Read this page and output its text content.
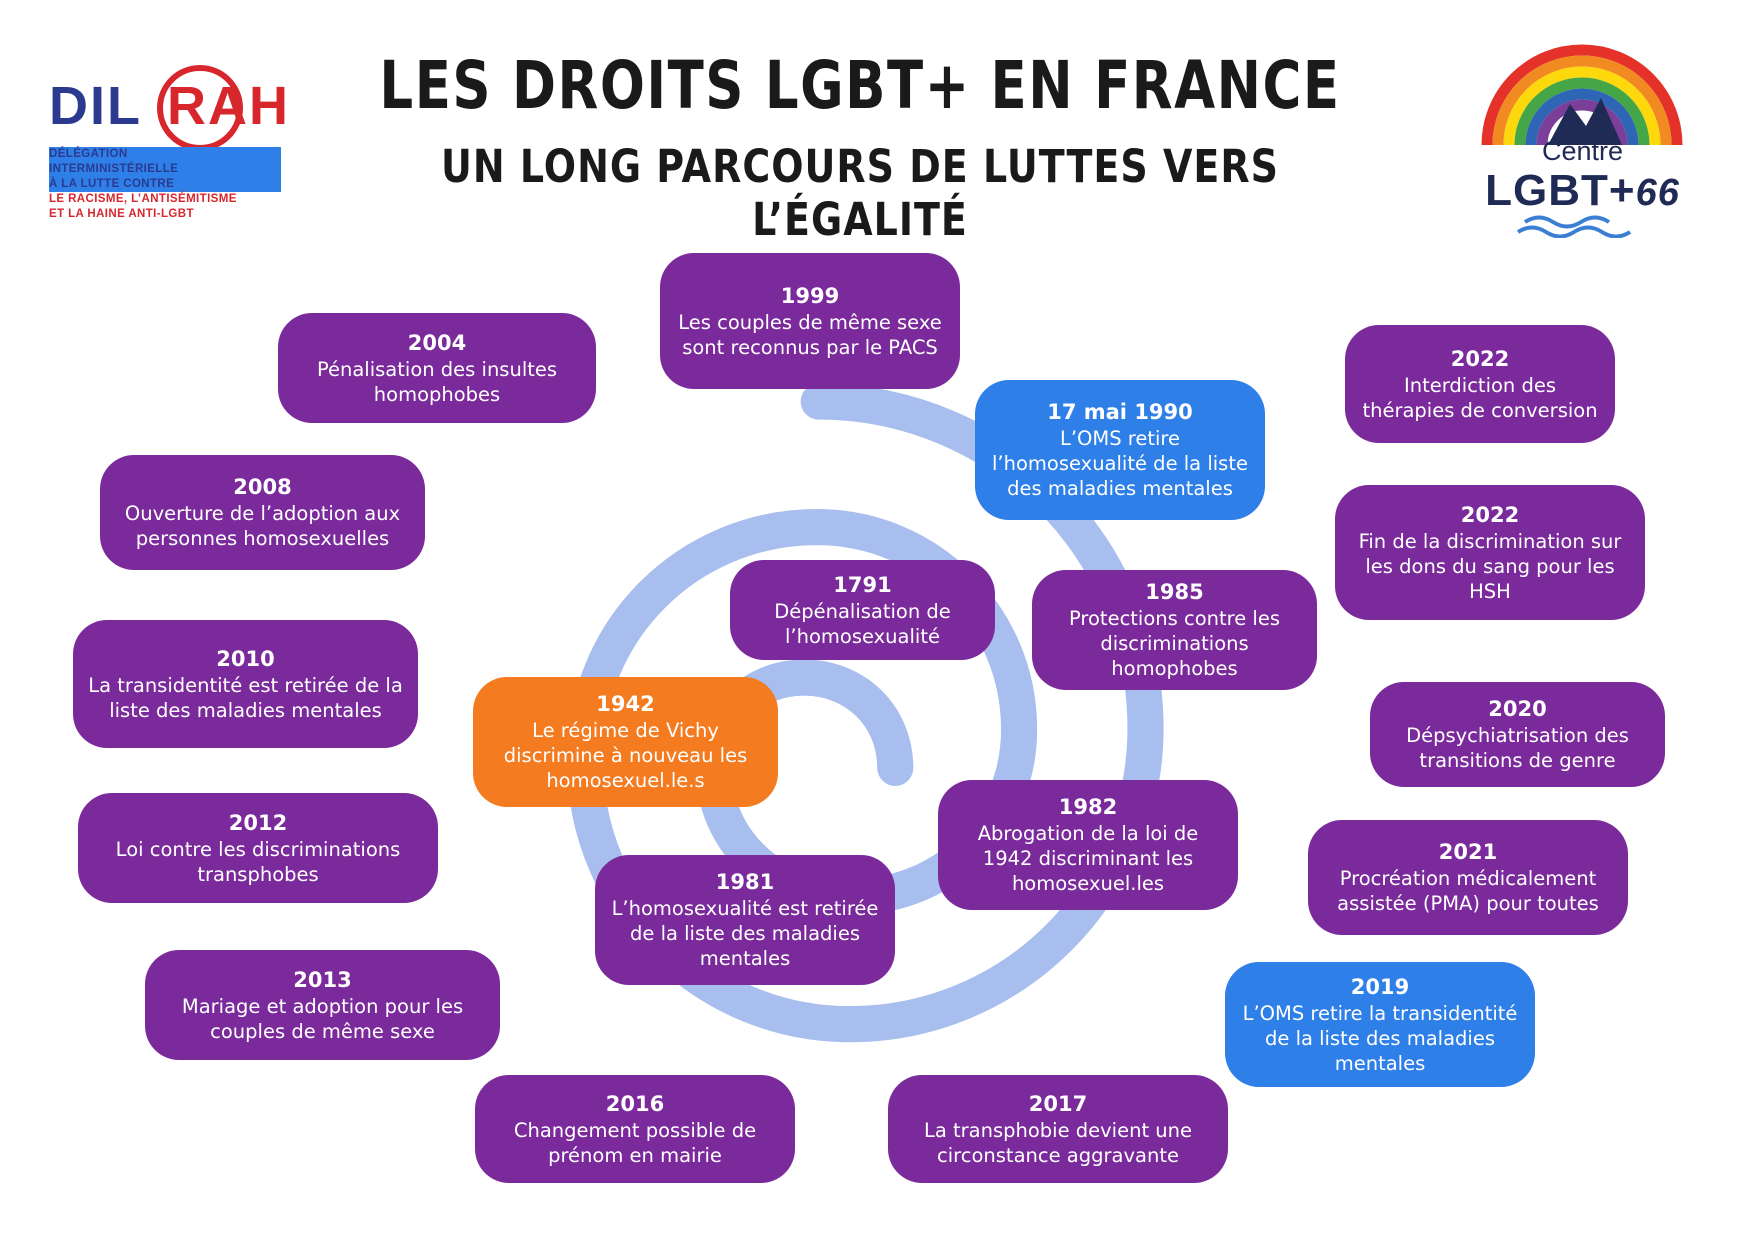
DIL RAH
DÉLÉGATION
INTERMINISTÉRIELLE
À LA LUTTE CONTRE
LE RACISME, L’ANTISÉMITISME
ET LA HAINE ANTI-LGBT
LES DROITS LGBT+ EN FRANCE
UN LONG PARCOURS DE LUTTES VERS L’ÉGALITÉ
Centre
LGBT+66
1999
Les couples de même sexe sont reconnus par le PACS
2004
Pénalisation des insultes homophobes
17 mai 1990
L’OMS retire l’homosexualité de la liste des maladies mentales
2022
Interdiction des thérapies de conversion
2008
Ouverture de l’adoption aux personnes homosexuelles
2022
Fin de la discrimination sur les dons du sang pour les HSH
1791
Dépénalisation de l’homosexualité
1985
Protections contre les discriminations homophobes
2010
La transidentité est retirée de la liste des maladies mentales	1942
Le régime de Vichy discrimine à nouveau les homosexuel.le.s
2020
Dépsychiatrisation des transitions de genre
2012
Loi contre les discriminations transphobes
1982
Abrogation de la loi de 1942 discriminant les homosexuel.les
2021
Procréation médicalement assistée (PMA) pour toutes
1981
L’homosexualité est retirée de la liste des maladies mentales
2013
Mariage et adoption pour les couples de même sexe
2019
L’OMS retire la transidentité de la liste des maladies mentales
2016
Changement possible de prénom en mairie
2017
La transphobie devient une circonstance aggravante
